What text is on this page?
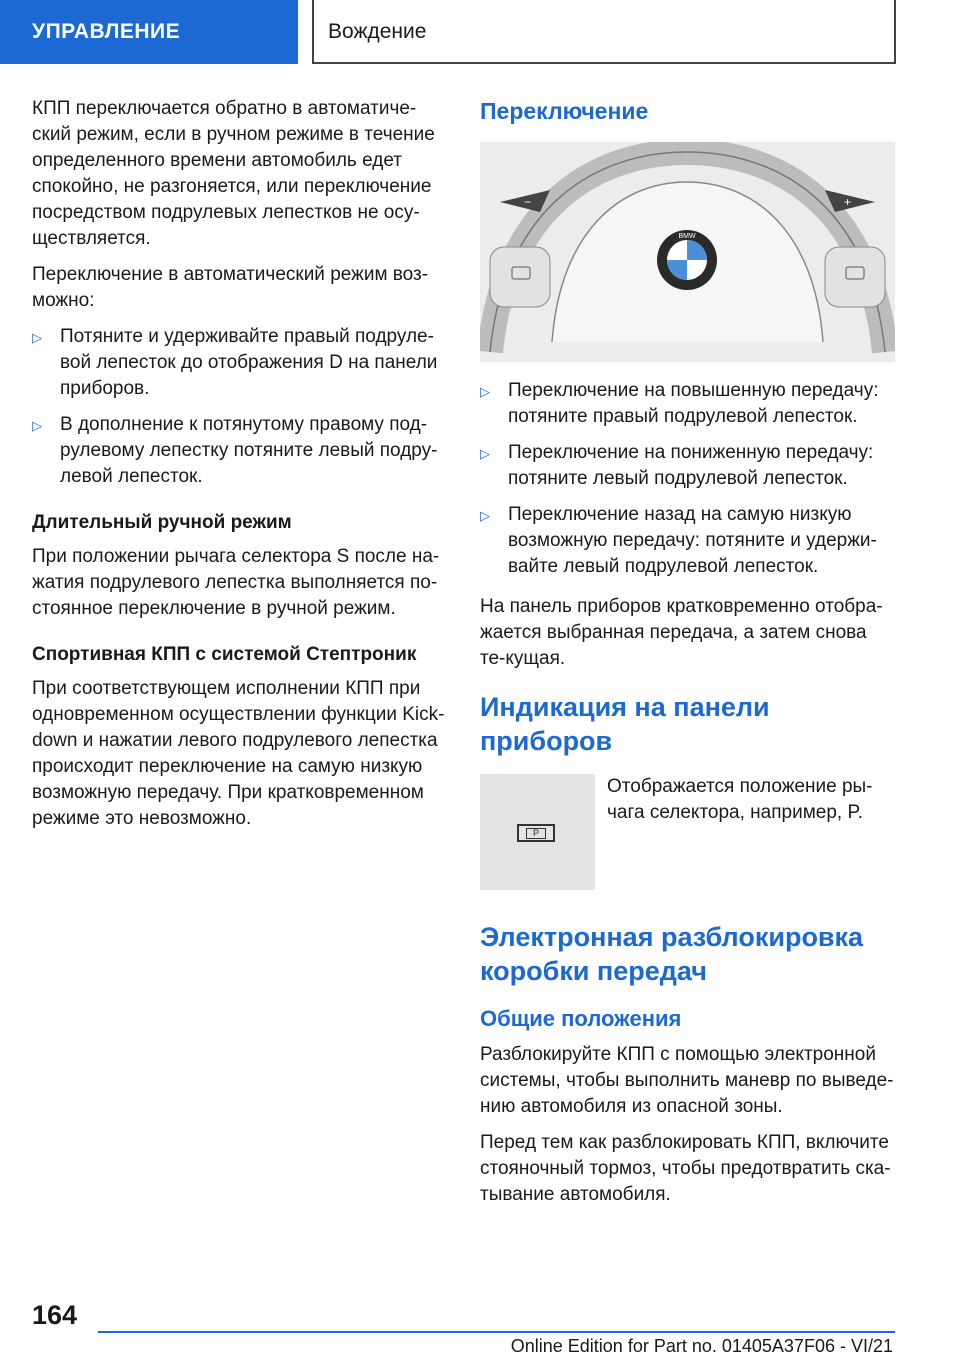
УПРАВЛЕНИЕ	Вождение

КПП переключается обратно в автоматиче-ский режим, если в ручном режиме в течение определенного времени автомобиль едет спокойно, не разгоняется, или переключение посредством подрулевых лепестков не осу-ществляется.

Переключение в автоматический режим воз-можно:

▷ Потяните и удерживайте правый подруле-вой лепесток до отображения D на панели приборов.
▷ В дополнение к потянутому правому под-рулевому лепестку потяните левый подру-левой лепесток.
Длительный ручной режим

При положении рычага селектора S после на-жатия подрулевого лепестка выполняется по-стоянное переключение в ручной режим.

Спортивная КПП с системой Стептроник

При соответствующем исполнении КПП при одновременном осуществлении функции Kick-down и нажатии левого подрулевого лепестка происходит переключение на самую низкую возможную передачу. При кратковременном режиме это невозможно.

Переключение
−	+
BMW
▷ Переключение на повышенную передачу: потяните правый подрулевой лепесток.
▷ Переключение на пониженную передачу: потяните левый подрулевой лепесток.
▷ Переключение назад на самую низкую возможную передачу: потяните и удержи-вайте левый подрулевой лепесток.

На панель приборов кратковременно отобра-жается выбранная передача, а затем снова те-кущая.

Индикация на панели приборов
P

Отображается положение ры-чага селектора, например, P.

Электронная разблокировка коробки передач
Общие положения

Разблокируйте КПП с помощью электронной системы, чтобы выполнить маневр по выведе-нию автомобиля из опасной зоны.

Перед тем как разблокировать КПП, включите стояночный тормоз, чтобы предотвратить ска-тывание автомобиля.

164
Online Edition for Part no. 01405A37F06 - VI/21
